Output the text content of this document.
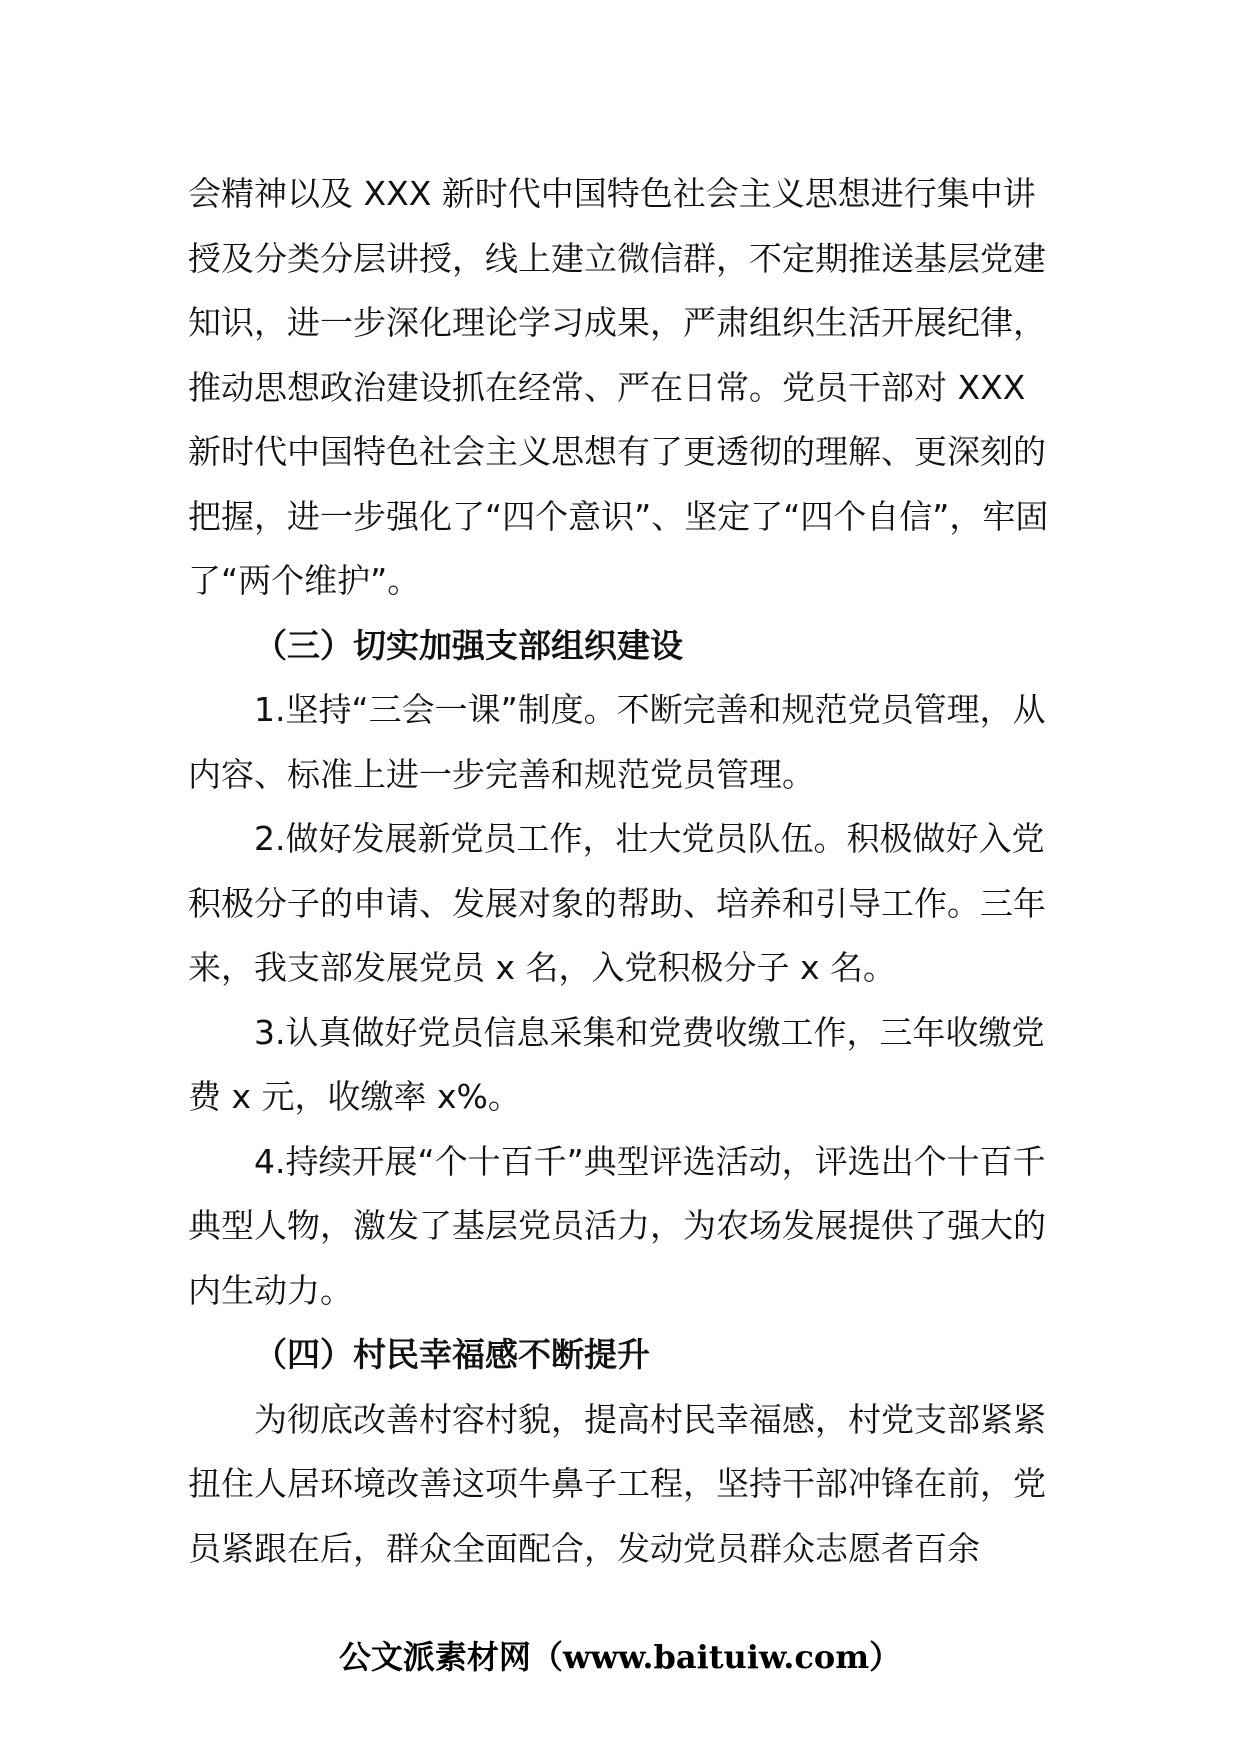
会精神以及 XXX 新时代中国特色社会主义思想进行集中讲授及分类分层讲授，线上建立微信群，不定期推送基层党建知识，进一步深化理论学习成果，严肃组织生活开展纪律，推动思想政治建设抓在经常、严在日常。党员干部对 XXX 新时代中国特色社会主义思想有了更透彻的理解、更深刻的把握，进一步强化了“四个意识”、坚定了“四个自信”，牢固了“两个维护”。

（三）切实加强支部组织建设

1.坚持“三会一课”制度。不断完善和规范党员管理，从内容、标准上进一步完善和规范党员管理。

2.做好发展新党员工作，壮大党员队伍。积极做好入党积极分子的申请、发展对象的帮助、培养和引导工作。三年来，我支部发展党员 x 名，入党积极分子 x 名。

3.认真做好党员信息采集和党费收缴工作，三年收缴党费 x 元，收缴率 x%。

4.持续开展“个十百千”典型评选活动，评选出个十百千典型人物，激发了基层党员活力，为农场发展提供了强大的内生动力。

（四）村民幸福感不断提升

为彻底改善村容村貌，提高村民幸福感，村党支部紧紧扭住人居环境改善这项牛鼻子工程，坚持干部冲锋在前，党员紧跟在后，群众全面配合，发动党员群众志愿者百余

公文派素材网（www.baituiw.com）
